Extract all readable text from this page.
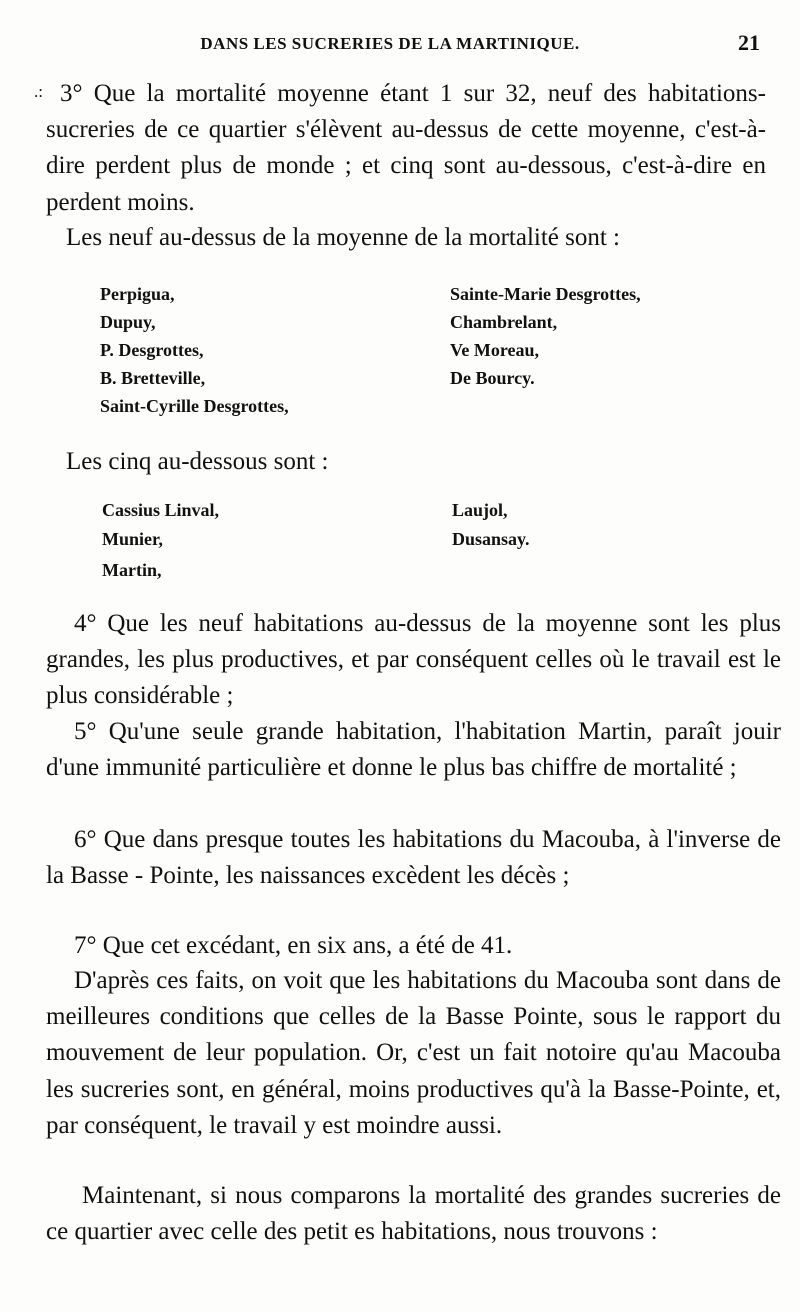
DANS LES SUCRERIES DE LA MARTINIQUE.	21
.: 3° Que la mortalité moyenne étant 1 sur 32, neuf des habitations-sucreries de ce quartier s'élèvent au-dessus de cette moyenne, c'est-à-dire perdent plus de monde ; et cinq sont au-dessous, c'est-à-dire en perdent moins.
Les neuf au-dessus de la moyenne de la mortalité sont :
Perpigua,
Dupuy,
P. Desgrottes,
B. Bretteville,
Saint-Cyrille Desgrottes,
Sainte-Marie Desgrottes,
Chambrelant,
Ve Moreau,
De Bourcy.
Les cinq au-dessous sont :
Cassius Linval,
Munier,
Martin,
Laujol,
Dusansay.
4° Que les neuf habitations au-dessus de la moyenne sont les plus grandes, les plus productives, et par conséquent celles où le travail est le plus considérable ;
5° Qu'une seule grande habitation, l'habitation Martin, paraît jouir d'une immunité particulière et donne le plus bas chiffre de mortalité ;
6° Que dans presque toutes les habitations du Macouba, à l'inverse de la Basse - Pointe, les naissances excèdent les décès ;
7° Que cet excédant, en six ans, a été de 41.
D'après ces faits, on voit que les habitations du Macouba sont dans de meilleures conditions que celles de la Basse Pointe, sous le rapport du mouvement de leur population. Or, c'est un fait notoire qu'au Macouba les sucreries sont, en général, moins productives qu'à la Basse-Pointe, et, par conséquent, le travail y est moindre aussi.
Maintenant, si nous comparons la mortalité des grandes sucreries de ce quartier avec celle des petit es habitations, nous trouvons :
